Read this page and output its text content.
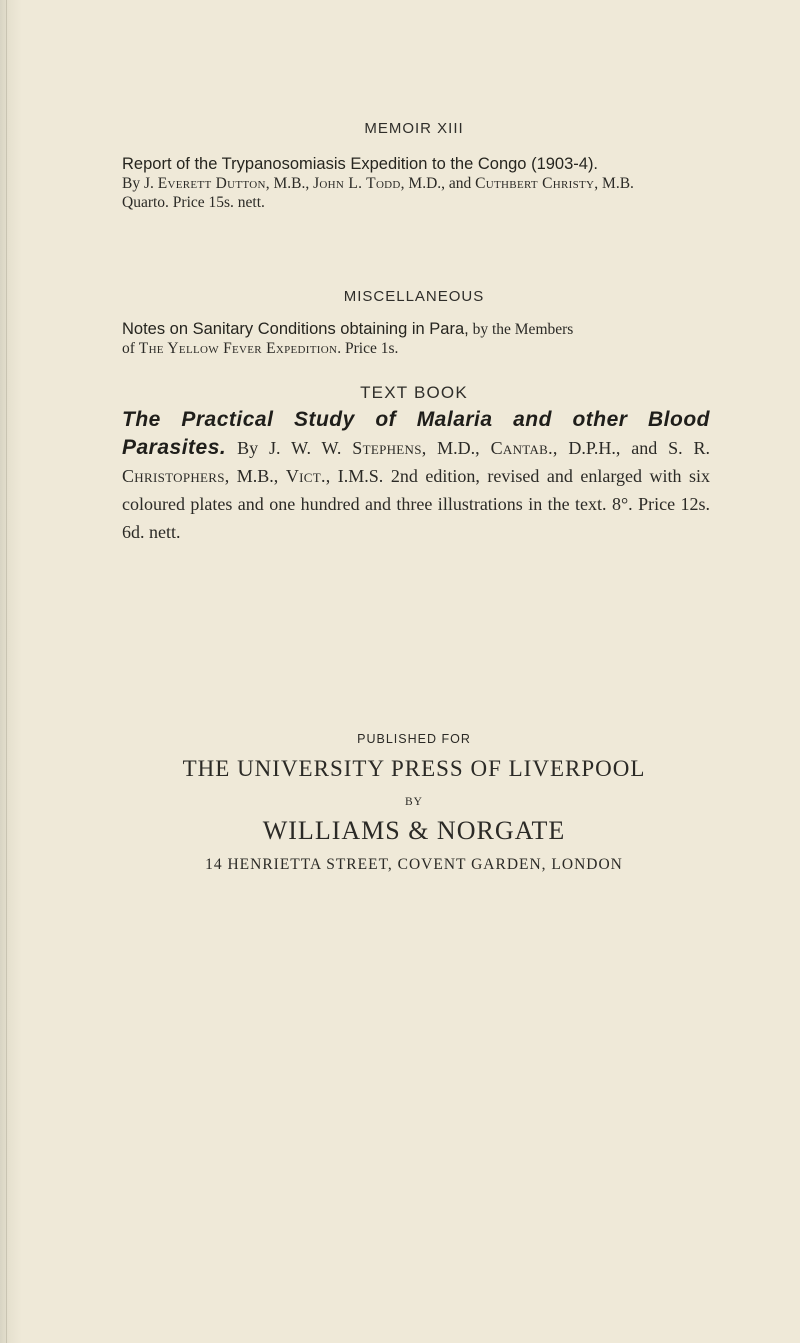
MEMOIR XIII
Report of the Trypanosomiasis Expedition to the Congo (1903-4).
By J. Everett Dutton, M.B., John L. Todd, M.D., and Cuthbert Christy, M.B.
Quarto. Price 15s. nett.
MISCELLANEOUS
Notes on Sanitary Conditions obtaining in Para, by the Members
of The Yellow Fever Expedition. Price 1s.
TEXT BOOK
The Practical Study of Malaria and other Blood Parasites. By J. W. W. Stephens, M.D., Cantab., D.P.H., and S. R. Christophers, M.B., Vict., I.M.S. 2nd edition, revised and enlarged with six coloured plates and one hundred and three illustrations in the text. 8°. Price 12s. 6d. nett.
PUBLISHED FOR
THE UNIVERSITY PRESS OF LIVERPOOL
BY
WILLIAMS & NORGATE
14 HENRIETTA STREET, COVENT GARDEN, LONDON
